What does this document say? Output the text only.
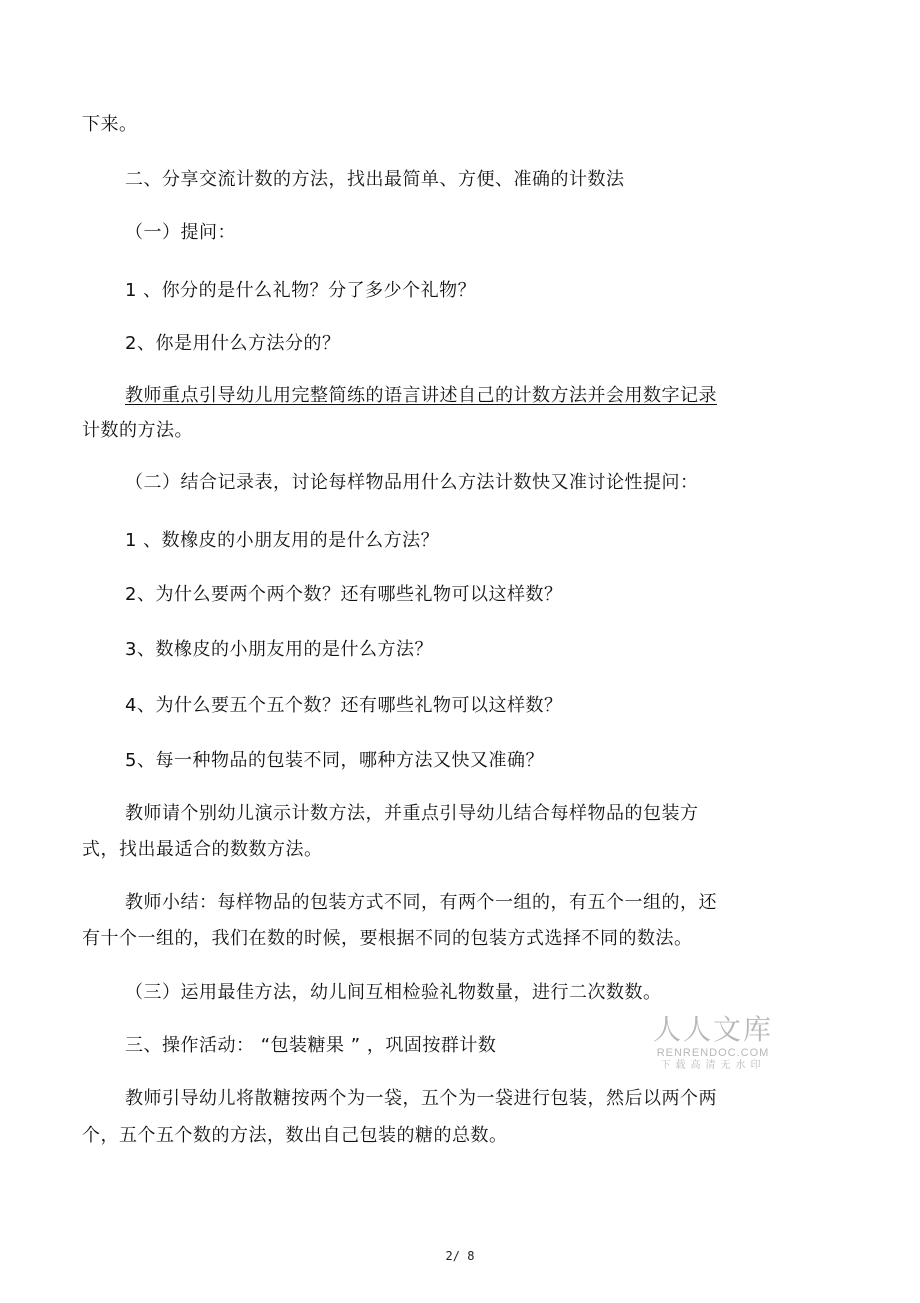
下来。
二、分享交流计数的方法，找出最简单、方便、准确的计数法
（一）提问：
1 、你分的是什么礼物？分了多少个礼物？
2、你是用什么方法分的？
教师重点引导幼儿用完整简练的语言讲述自己的计数方法并会用数字记录
计数的方法。
（二）结合记录表，讨论每样物品用什么方法计数快又准讨论性提问：
1 、数橡皮的小朋友用的是什么方法？
2、为什么要两个两个数？还有哪些礼物可以这样数？
3、数橡皮的小朋友用的是什么方法？
4、为什么要五个五个数？还有哪些礼物可以这样数？
5、每一种物品的包装不同，哪种方法又快又准确？
教师请个别幼儿演示计数方法，并重点引导幼儿结合每样物品的包装方
式，找出最适合的数数方法。
教师小结：每样物品的包装方式不同，有两个一组的，有五个一组的，还
有十个一组的，我们在数的时候，要根据不同的包装方式选择不同的数法。
（三）运用最佳方法，幼儿间互相检验礼物数量，进行二次数数。
三、操作活动： “包装糖果 ” ，巩固按群计数
教师引导幼儿将散糖按两个为一袋，五个为一袋进行包装，然后以两个两
个，五个五个数的方法，数出自己包装的糖的总数。
人人文库
RENRENDOC.COM
下载高清无水印
2/ 8
